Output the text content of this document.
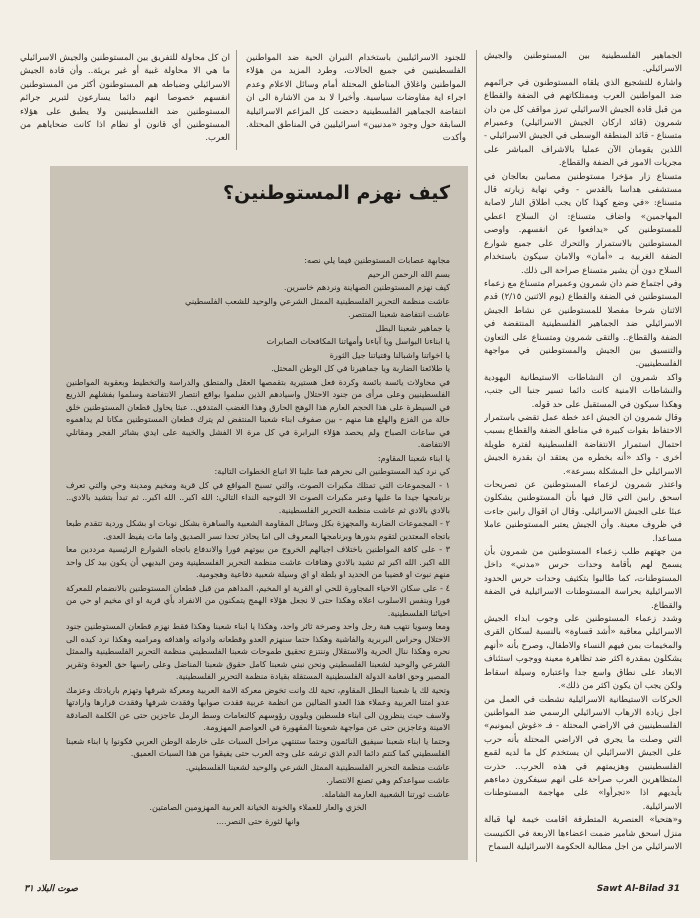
الجماهير الفلسطينية بين المستوطنين والجيش الاسرائيلي.

واشارة للتشجيع الذي يلقاه المستوطنون في جرائمهم ضد المواطنين العرب وممتلكاتهم في الضفة والقطاع من قبل قادة الجيش الاسرائيلي تبرز مواقف كل من دان شمرون (قائد اركان الجيش الاسرائيلي) وعميرام متسناع - قائد المنطقة الوسطى في الجيش الاسرائيلي - اللذين يقومان الآن عمليا بالاشراف المباشر على مجريات الامور في الضفة والقطاع.

متسناع زار مؤخرا مستوطنين مصابين بعالجان في مستشفى هداسا بالقدس - وفي نهاية زيارته قال متسناع: «في وضع كهذا كان يجب اطلاق النار لاصابة المهاجمين» واضاف متسناع: ان السلاح اعطي للمستوطنين كي «يدافعوا عن انفسهم. واوصى المستوطنين بالاستمرار والتحرك على جميع شوارع الضفة الغربية بـ «أمان» والامان سيكون باستخدام السلاح دون أن يشير متسناع صراحة الى ذلك.

وفي اجتماع ضم دان شمرون وعميرام متسناع مع زعماء المستوطنين في الضفة والقطاع (يوم الاثنين ٢/١٥) قدم الاثنان شرحا مفصلا للمستوطنين عن نشاط الجيش الاسرائيلي ضد الجماهير الفلسطينية المنتفضة في الضفة والقطاع.. والتقى شمرون ومتسناع على التعاون والتنسيق بين الجيش والمستوطنين في مواجهة الفلسطينيين.

واكد شمرون ان النشاطات الاستيطانية اليهودية والنشاطات الامنية كانت دائما تسير جنبا الى جنب، وهكذا سيكون في المستقبل على حد قوله.

وقال شمرون ان الجيش اعد خطة عمل تقضي باستمرار الاحتفاظ بقوات كبيرة في مناطق الضفة والقطاع بسبب احتمال استمرار الانتفاضة الفلسطينية لفترة طويلة أخرى - واكد «أنه بخطره من يعتقد ان بقدرة الجيش الاسرائيلي حل المشكلة بسرعة».

واعتذر شمرون لزعماء المستوطنين عن تصريحات اسحق رابين التي قال فيها بأن المستوطنين يشكلون عبئا على الجيش الاسرائيلي. وقال ان اقوال رابين جاءت في ظروف معينة. وأن الجيش يعتبر المستوطنين عاملا مساعدا.

من جهتهم طلب زعماء المستوطنين من شمرون بأن يسمح لهم بأقامة وحدات حرس «مدني» داخل المستوطنات، كما طالبوا بتكثيف وحدات حرس الحدود الاسرائيلية بحراسة المستوطنات الاسرائيلية في الضفة والقطاع.

وشدد زعماء المستوطنين على وجوب ابداء الجيش الاسرائيلي معاقبة «أشد قساوة» بالنسبة لسكان القرى والمخيمات بمن فيهم النساء والاطفال، وصرح بأنه «أنهم يشكلون بمقدرة اكثر ضد تظاهرة معينة ووجوب استئناف الابعاد على نطاق واسع جدا واعتباره وسيلة اسقاط ولكن يجب ان يكون اكثر من ذلك».

الحركات الاستيطانية الاسرائيلية نشطت في العمل من اجل زيادة الارهاب الاسرائيلي الرسمي ضد المواطنين الفلسطينيين في الاراضي المحتلة - فـ «غوش ايمونيم» التي وصلت ما يجري في الاراضي المحتلة بأنه حرب على الجيش الاسرائيلي ان يستخدم كل ما لديه لقمع الفلسطينيين وهزيمتهم في هذه الحرب.. حذرت المتظاهرين العرب صراحة على انهم سيفكرون دماءهم بأيديهم اذا «تجرأوا» على مهاجمة المستوطنات الاسرائيلية.

و«هتحيا» العنصرية المتطرفة اقامت خيمة لها قبالة منزل اسحق شامير ضمت اعضاءها الاربعة في الكنيست الاسرائيلي من اجل مطالبة الحكومة الاسرائيلية السماح

للجنود الاسرائيليين باستخدام النيران الحية ضد المواطنين الفلسطينيين في جميع الحالات، وطرد المزيد من هؤلاء المواطنين واغلاق المناطق المحتلة أمام وسائل الاعلام وعدم اجراء اية مفاوضات سياسية. وأخيرا لا بد من الاشارة الى ان انتفاضة الجماهير الفلسطينية دحضت كل المزاعم الاسرائيلية السابقة حول وجود «مدنيين» اسرائيليين في المناطق المحتلة. وأكدت

ان كل محاولة للتفريق بين المستوطنين والجيش الاسرائيلي ما هي الا محاولة غبية أو غير بريئة.. وأن قادة الجيش الاسرائيلي وضباطه هم المستوطنون أكثر من المستوطنين انفسهم خصوصا انهم دائما يسارعون لتبرير جرائم المستوطنين ضد الفلسطينيين ولا يطبق على هؤلاء المستوطنين أي قانون أو نظام اذا كانت ضحاياهم من العرب.

كيف نهزم المستوطنين؟

مجابهة عصابات المستوطنين فيما يلي نصه:

بسم الله الرحمن الرحيم

كيف نهزم المستوطنين الصهاينة ونردهم خاسرين.

عاشت منظمة التحرير الفلسطينية الممثل الشرعي والوحيد للشعب الفلسطيني

عاشت انتفاضة شعبنا المنتصر.

يا جماهير شعبنا البطل

يا ابناءنا البواسل ويا آباءنا وأمهاتنا المكافحات الصابرات

يا اخواتنا واشبالنا وفتياتنا جيل الثورة

يا طلائعنا الضاربة ويا جماهيرنا في كل الوطن المحتل.

في محاولات يائسة بائسة وكردة فعل هستيرية بتقمصها العقل والمنطق والدراسة والتخطيط وبعقوبة المواطنين الفلسطينيين وعلى مرأى من جنود الاحتلال واسيادهم الذين سلموا بواقع انتصار الانتفاضة وسلموا بفشلهم الذريع في السيطرة على هذا الحجم العارم هذا الوهج الحارق وهذا الغضب المتدفق.. عبثا يحاول قطعان المستوطنين خلق حالة من الفزع والهلع هنا منهم - بين صفوف ابناء شعبنا المنتفض لم يترك قطعان المستوطنين مكانا لم يداهموه في ساعات الصباح ولم يحصد هؤلاء البرابرة في كل مرة الا الفشل والخيبة على ايدي بشائر الفجر ومقاتلي الانتفاضة.

يا ابناء شعبنا المقاوم:

كي نرد كيد المستوطنين الى نحرهم فما علينا الا اتباع الخطوات التالية:

١ - المجموعات التي تمتلك مكبرات الصوت، والتي تسبح المواقع في كل قرية ومخيم ومدينة وحي والتي تعرف برنامجها جيدا ما عليها وعبر مكبرات الصوت الا التوجيه النداء التالي: الله اكبر.. الله اكبر.. ثم تبدأ بتشيد بالادي.. بالادي بالادي ثم عاشت منظمة التحرير الفلسطينية.

٢ - المجموعات الضاربة والمجهزة بكل وسائل المقاومة الشعبية والساهرة بشكل نوبات او بشكل وردية تتقدم طبعا باتجاه المعتدين لتقوم بدورها وبرنامجها المعروف الى اما يحاذر تحدا نسر الصديق واما مات يفيظ العدى.

٣ - على كافة المواطنين باختلاف اجيالهم الخروج من بيوتهم فورا والاندفاع باتجاه الشوارع الرئيسية مرددين معا الله اكبر. الله اكبر ثم تشيد بالادي وهتافات عاشت منظمة التحرير الفلسطينية ومن البديهي أن يكون بيد كل واحد منهم نبوت او قضيبا من الحديد او بلطة او اي وسيلة شعبية دفاعية وهجومية.

٤ - على سكان الاحياء المجاورة للحي او القرية او المخيم، المداهم من قبل قطعان المستوطنين بالانضمام للمعركة فورا وبنفس الاسلوب اعلاه وهكذا حتى لا نجعل هؤلاء الهمج يتمكنون من الانفراد بأي قرية او اي مخيم او حي من احيائنا الفلسطينية.

ومعا وسويا نتهب هبة رجل واحد وصرخة ثائر واحد، وهكذا يا ابناء شعبنا وهكذا فقط نهزم قطعان المستوطنين جنود الاحتلال وحراس البربرية والفاشية وهكذا حتما سنهزم العدو وقطعانه وادواته واهدافه ومراميه وهكذا نرد كيده الى نحره وهكذا ننال الحرية والاستقلال وننتزع تحقيق طموحات شعبنا الفلسطيني منظمة التحرير الفلسطينية والممثل الشرعي والوحيد لشعبنا الفلسطيني ونحن نبني شعبنا كامل حقوق شعبنا المناضل وعلى راسها حق العودة وتقرير المصير وحق اقامة الدولة الفلسطينية المستقلة بقيادة منظمة التحرير الفلسطينية.

وتحية لك يا شعبنا البطل المقاوم، تحية لك وانت تخوض معركة الامة العربية ومعركة شرفها وتهزم باريادتك وعزمك عدو امتنا العربية وعملاء هذا العدو الضالين من انظمة عربية فقدت صوابها وفقدت شرفها وفقدت قرارها وارادتها ولاسف حيث ينظرون الى ابناء فلسطين ويلوون رؤوسهم كالنعامات وسط الرمل عاجزين حتى عن الكلمة الصادقة الامينة وعاجزين حتى عن مواجهة شعوبنا المقهورة في العواصم المهزومة.

وحتما يا ابناء شعبنا سيفيق النائمون وحتما ستنتهي مراحل السبات على خارطة الوطن العربي فكونوا يا ابناء شعبنا الفلسطيني كما كنتم دائما الدم الذي ترشه على وجه العرب حتى يفيقوا من هذا السبات العميق.

عاشت منظمة التحرير الفلسطينية الممثل الشرعي والوحيد لشعبنا الفلسطيني.

عاشت سواعدكم وهي تصنع الانتصار.

عاشت ثورتنا الشعبية العارمة الشاملة.

الخزي والعار للعملاء والخونة الخيانة العربية المهزومين الصامتين.

وانها لثورة حتى النصر....

صوت البلاد ٣١	Sawt Al-Bilad 31
